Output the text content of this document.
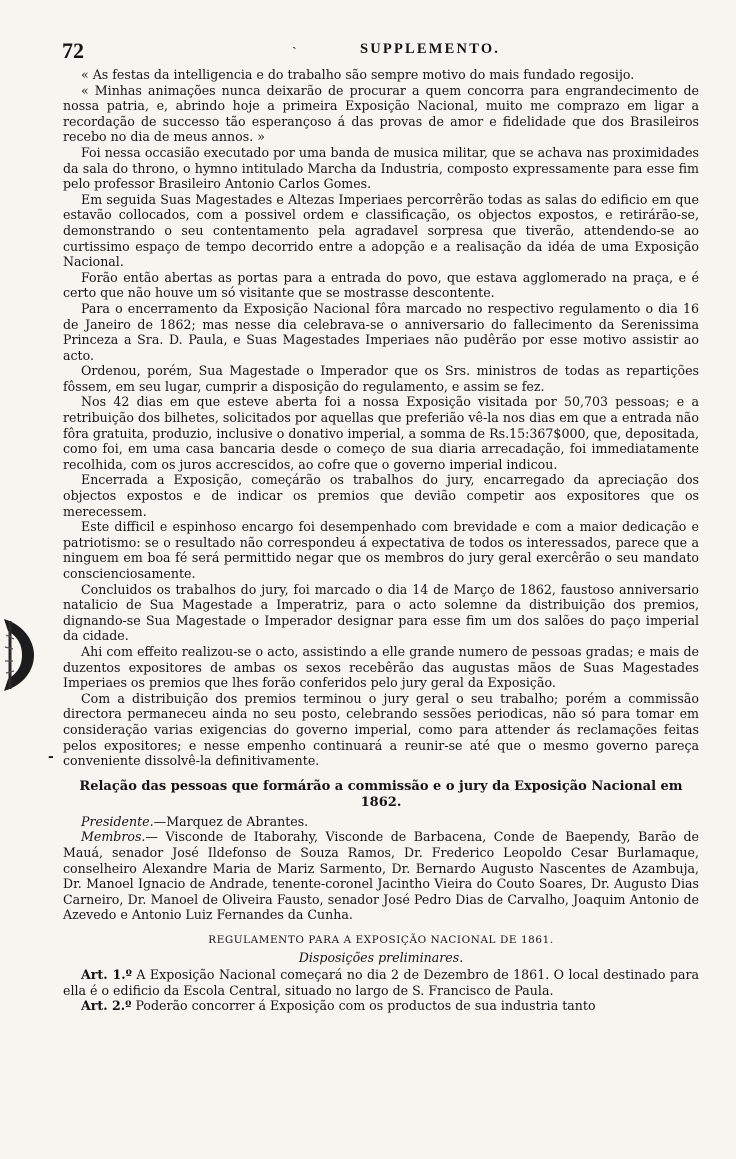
72	ˏ	SUPPLEMENTO.

« As festas da intelligencia e do trabalho são sempre motivo do mais fundado regosijo.

« Minhas animações nunca deixarão de procurar a quem concorra para engrandecimento de nossa patria, e, abrindo hoje a primeira Exposição Nacional, muito me comprazo em ligar a recordação de successo tão esperançoso á das provas de amor e fidelidade que dos Brasileiros recebo no dia de meus annos. »

Foi nessa occasião executado por uma banda de musica militar, que se achava nas proximidades da sala do throno, o hymno intitulado Marcha da Industria, composto expressamente para esse fim pelo professor Brasileiro Antonio Carlos Gomes.

Em seguida Suas Magestades e Altezas Imperiaes percorrêrão todas as salas do edificio em que estavão collocados, com a possivel ordem e classificação, os objectos expostos, e retirárão-se, demonstrando o seu contentamento pela agradavel sorpresa que tiverão, attendendo-se ao curtissimo espaço de tempo decorrido entre a adopção e a realisação da idéa de uma Exposição Nacional.

Forão então abertas as portas para a entrada do povo, que estava agglomerado na praça, e é certo que não houve um só visitante que se mostrasse descontente.

Para o encerramento da Exposição Nacional fôra marcado no respectivo regulamento o dia 16 de Janeiro de 1862; mas nesse dia celebrava-se o anniversario do fallecimento da Serenissima Princeza a Sra. D. Paula, e Suas Magestades Imperiaes não pudêrão por esse motivo assistir ao acto.

Ordenou, porém, Sua Magestade o Imperador que os Srs. ministros de todas as repartições fôssem, em seu lugar, cumprir a disposição do regulamento, e assim se fez.

Nos 42 dias em que esteve aberta foi a nossa Exposição visitada por 50,703 pessoas; e a retribuição dos bilhetes, solicitados por aquellas que preferião vê-la nos dias em que a entrada não fôra gratuita, produzio, inclusive o donativo imperial, a somma de Rs.15:367$000, que, depositada, como foi, em uma casa bancaria desde o começo de sua diaria arrecadação, foi immediatamente recolhida, com os juros accrescidos, ao cofre que o governo imperial indicou.

Encerrada a Exposição, começárão os trabalhos do jury, encarregado da apreciação dos objectos expostos e de indicar os premios que devião competir aos expositores que os merecessem.

Este difficil e espinhoso encargo foi desempenhado com brevidade e com a maior dedicação e patriotismo: se o resultado não correspondeu á expectativa de todos os interessados, parece que a ninguem em boa fé será permittido negar que os membros do jury geral exercêrão o seu mandato conscienciosamente.

Concluidos os trabalhos do jury, foi marcado o dia 14 de Março de 1862, faustoso anniversario natalicio de Sua Magestade a Imperatriz, para o acto solemne da distribuição dos premios, dignando-se Sua Magestade o Imperador designar para esse fim um dos salões do paço imperial da cidade.

Ahi com effeito realizou-se o acto, assistindo a elle grande numero de pessoas gradas; e mais de duzentos expositores de ambas os sexos recebêrão das augustas mãos de Suas Magestades Imperiaes os premios que lhes forão conferidos pelo jury geral da Exposição.

Com a distribuição dos premios terminou o jury geral o seu trabalho; porém a commissão directora permaneceu ainda no seu posto, celebrando sessões periodicas, não só para tomar em consideração varias exigencias do governo imperial, como para attender ás reclamações feitas pelos expositores; e nesse empenho continuará a reunir-se até que o mesmo governo pareça conveniente dissolvê-la definitivamente.

Relação das pessoas que formárão a commissão e o jury da Exposição Nacional em 1862.

Presidente.—Marquez de Abrantes.

Membros.— Visconde de Itaborahy, Visconde de Barbacena, Conde de Baependy, Barão de Mauá, senador José Ildefonso de Souza Ramos, Dr. Frederico Leopoldo Cesar Burlamaque, conselheiro Alexandre Maria de Mariz Sarmento, Dr. Bernardo Augusto Nascentes de Azambuja, Dr. Manoel Ignacio de Andrade, tenente-coronel Jacintho Vieira do Couto Soares, Dr. Augusto Dias Carneiro, Dr. Manoel de Oliveira Fausto, senador José Pedro Dias de Carvalho, Joaquim Antonio de Azevedo e Antonio Luiz Fernandes da Cunha.

REGULAMENTO PARA A EXPOSIÇÃO NACIONAL DE 1861.

Disposições preliminares.

Art. 1.º A Exposição Nacional começará no dia 2 de Dezembro de 1861. O local destinado para ella é o edificio da Escola Central, situado no largo de S. Francisco de Paula.

Art. 2.º Poderão concorrer á Exposição com os productos de sua industria tanto

-
